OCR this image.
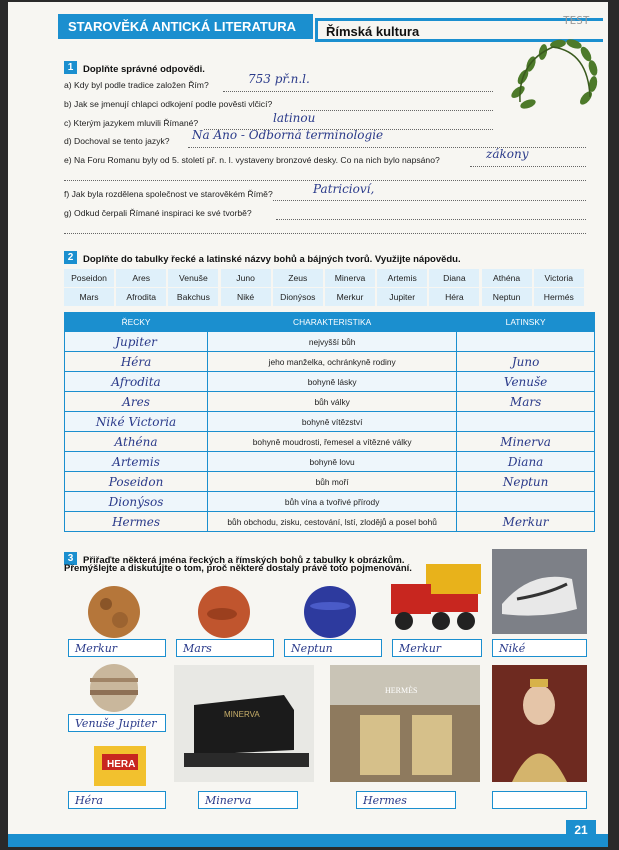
STAROVĚKÁ ANTICKÁ LITERATURA	Římská kultura
TEST
1 Doplňte správné odpovědi.
a) Kdy byl podle tradice založen Řím?	753 př.n.l.
b) Jak se jmenují chlapci odkojení podle pověsti vlčicí?
c) Kterým jazykem mluvili Římané?	latinou
d) Dochoval se tento jazyk? Na Ano - Odborná terminologie
e) Na Foru Romanu byly od 5. století př. n. l. vystaveny bronzové desky. Co na nich bylo napsáno?	zákony
f) Jak byla rozdělena společnost ve starověkém Římě?	Patricioví,
g) Odkud čerpali Římané inspiraci ke své tvorbě?
2 Doplňte do tabulky řecké a latinské názvy bohů a bájných tvorů. Využijte nápovědu.
Poseidon	Ares	Venuše	Juno	Zeus	Minerva	Artemis	Diana	Athéna	Victoria
Mars	Afrodita	Bakchus	Niké	Dionýsos	Merkur	Jupiter	Héra	Neptun	Hermés
ŘECKY	CHARAKTERISTIKA	LATINSKY
Jupiter	nejvyšší bůh	
Héra	jeho manželka, ochránkyně rodiny	Juno
Afrodita	bohyně lásky	Venuše
Ares	bůh války	Mars
Niké Victoria	bohyně vítězství	
Athéna	bohyně moudrosti, řemesel a vítězné války	Minerva
Artemis	bohyně lovu	Diana
Poseidon	bůh moří	Neptun
Dionýsos	bůh vína a tvořivé přírody	
Hermes	bůh obchodu, zisku, cestování, lstí, zlodějů a posel bohů	Merkur
3 Přiřaďte některá jména řeckých a římských bohů z tabulky k obrázkům.
Přemýšlejte a diskutujte o tom, proč některé dostaly právě toto pojmenování.
Merkur	Mars	Neptun	Merkur	Niké
Venuše Jupiter
MINERVA
HERMÈS
HERA
Héra	Minerva	Hermes
21
